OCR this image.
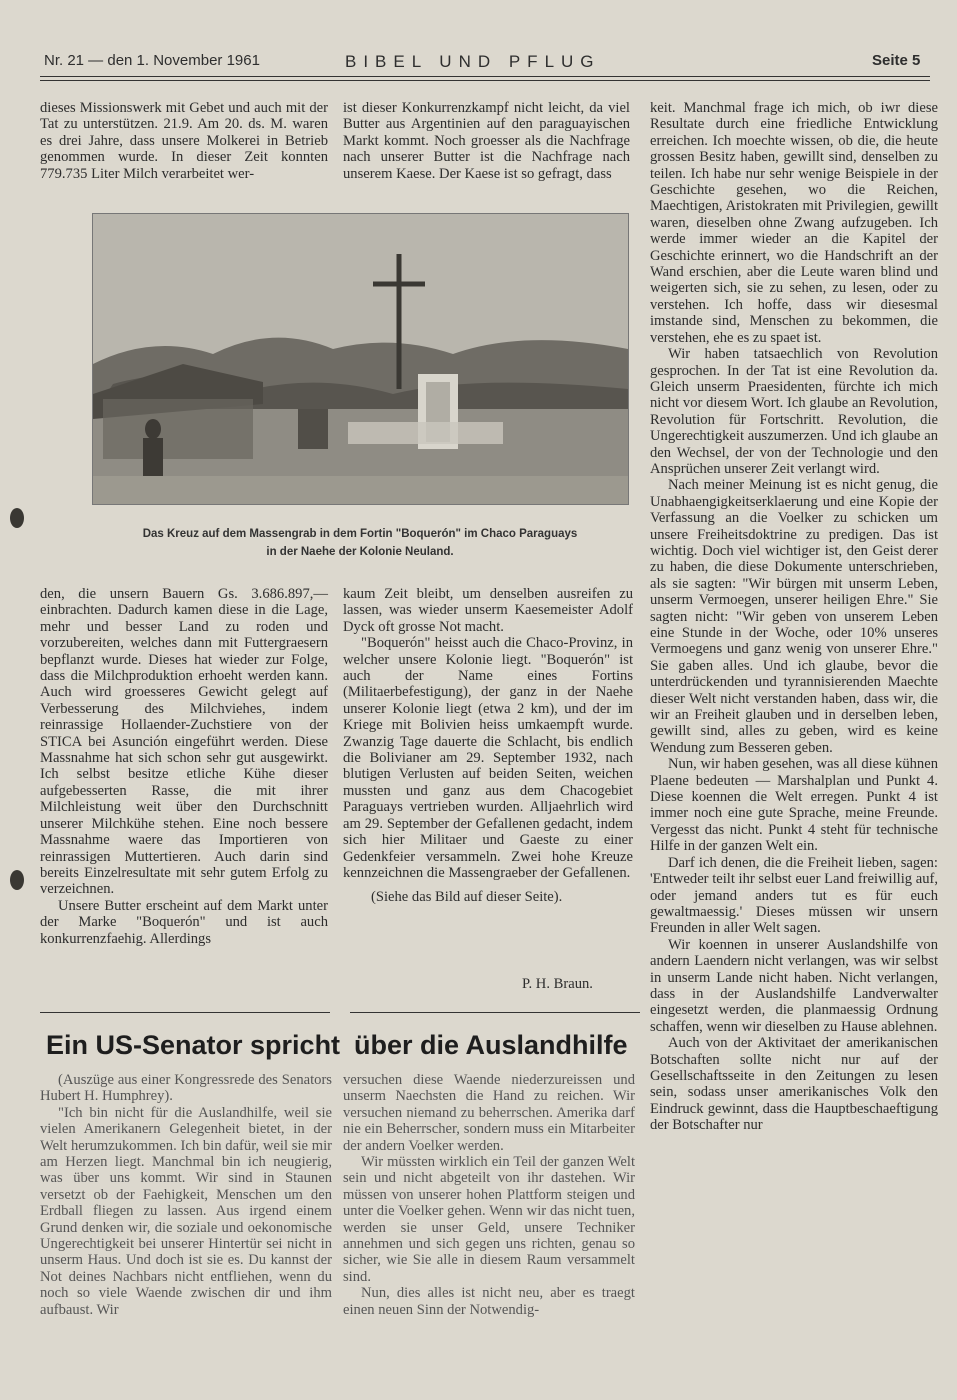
Nr. 21 — den 1. November 1961	BIBEL UND PFLUG	Seite 5

dieses Missionswerk mit Gebet und auch mit der Tat zu unterstützen. 21.9. Am 20. ds. M. waren es drei Jahre, dass unsere Molkerei in Betrieb genommen wurde. In dieser Zeit konnten 779.735 Liter Milch verarbeitet wer-

ist dieser Konkurrenzkampf nicht leicht, da viel Butter aus Argentinien auf den paraguayischen Markt kommt. Noch groesser als die Nachfrage nach unserer Butter ist die Nachfrage nach unserem Kaese. Der Kaese ist so gefragt, dass

Das Kreuz auf dem Massengrab in dem Fortin "Boquerón" im Chaco Paraguays
in der Naehe der Kolonie Neuland.

den, die unsern Bauern Gs. 3.686.897,— einbrachten. Dadurch kamen diese in die Lage, mehr und besser Land zu roden und vorzubereiten, welches dann mit Futtergraesern bepflanzt wurde. Dieses hat wieder zur Folge, dass die Milchproduktion erhoeht werden kann. Auch wird groesseres Gewicht gelegt auf Verbesserung des Milchviehes, indem reinrassige Hollaender-Zuchstiere von der STICA bei Asunción eingeführt werden. Diese Massnahme hat sich schon sehr gut ausgewirkt. Ich selbst besitze etliche Kühe dieser aufgebesserten Rasse, die mit ihrer Milchleistung weit über den Durchschnitt unserer Milchkühe stehen. Eine noch bessere Massnahme waere das Importieren von reinrassigen Muttertieren. Auch darin sind bereits Einzelresultate mit sehr gutem Erfolg zu verzeichnen.

Unsere Butter erscheint auf dem Markt unter der Marke "Boquerón" und ist auch konkurrenzfaehig. Allerdings

kaum Zeit bleibt, um denselben ausreifen zu lassen, was wieder unserm Kaesemeister Adolf Dyck oft grosse Not macht.

"Boquerón" heisst auch die Chaco-Provinz, in welcher unsere Kolonie liegt. "Boquerón" ist auch der Name eines Fortins (Militaerbefestigung), der ganz in der Naehe unserer Kolonie liegt (etwa 2 km), und der im Kriege mit Bolivien heiss umkaempft wurde. Zwanzig Tage dauerte die Schlacht, bis endlich die Bolivianer am 29. September 1932, nach blutigen Verlusten auf beiden Seiten, weichen mussten und ganz aus dem Chacogebiet Paraguays vertrieben wurden. Alljaehrlich wird am 29. September der Gefallenen gedacht, indem sich hier Militaer und Gaeste zu einer Gedenkfeier versammeln. Zwei hohe Kreuze kennzeichnen die Massengraeber der Gefallenen.

(Siehe das Bild auf dieser Seite).

P. H. Braun.

keit. Manchmal frage ich mich, ob iwr diese Resultate durch eine friedliche Entwicklung erreichen. Ich moechte wissen, ob die, die heute grossen Besitz haben, gewillt sind, denselben zu teilen. Ich habe nur sehr wenige Beispiele in der Geschichte gesehen, wo die Reichen, Maechtigen, Aristokraten mit Privilegien, gewillt waren, dieselben ohne Zwang aufzugeben. Ich werde immer wieder an die Kapitel der Geschichte erinnert, wo die Handschrift an der Wand erschien, aber die Leute waren blind und weigerten sich, sie zu sehen, zu lesen, oder zu verstehen. Ich hoffe, dass wir diesesmal imstande sind, Menschen zu bekommen, die verstehen, ehe es zu spaet ist.

Wir haben tatsaechlich von Revolution gesprochen. In der Tat ist eine Revolution da. Gleich unserm Praesidenten, fürchte ich mich nicht vor diesem Wort. Ich glaube an Revolution, Revolution für Fortschritt. Revolution, die Ungerechtigkeit auszumerzen. Und ich glaube an den Wechsel, der von der Technologie und den Ansprüchen unserer Zeit verlangt wird.

Nach meiner Meinung ist es nicht genug, die Unabhaengigkeitserklaerung und eine Kopie der Verfassung an die Voelker zu schicken um unsere Freiheitsdoktrine zu predigen. Das ist wichtig. Doch viel wichtiger ist, den Geist derer zu haben, die diese Dokumente unterschrieben, als sie sagten: "Wir bürgen mit unserm Leben, unserm Vermoegen, unserer heiligen Ehre." Sie sagten nicht: "Wir geben von unserem Leben eine Stunde in der Woche, oder 10% unseres Vermoegens und ganz wenig von unserer Ehre." Sie gaben alles. Und ich glaube, bevor die unterdrückenden und tyrannisierenden Maechte dieser Welt nicht verstanden haben, dass wir, die wir an Freiheit glauben und in derselben leben, gewillt sind, alles zu geben, wird es keine Wendung zum Besseren geben.

Nun, wir haben gesehen, was all diese kühnen Plaene bedeuten — Marshalplan und Punkt 4. Diese koennen die Welt erregen. Punkt 4 ist immer noch eine gute Sprache, meine Freunde. Vergesst das nicht. Punkt 4 steht für technische Hilfe in der ganzen Welt ein.

Darf ich denen, die die Freiheit lieben, sagen: 'Entweder teilt ihr selbst euer Land freiwillig auf, oder jemand anders tut es für euch gewaltmaessig.' Dieses müssen wir unsern Freunden in aller Welt sagen.

Wir koennen in unserer Auslandshilfe von andern Laendern nicht verlangen, was wir selbst in unserm Lande nicht haben. Nicht verlangen, dass in der Auslandshilfe Landverwalter eingesetzt werden, die planmaessig Ordnung schaffen, wenn wir dieselben zu Hause ablehnen.

Auch von der Aktivitaet der amerikanischen Botschaften sollte nicht nur auf der Gesellschaftsseite in den Zeitungen zu lesen sein, sodass unser amerikanisches Volk den Eindruck gewinnt, dass die Hauptbeschaeftigung der Botschafter nur

Ein US-Senator spricht über die Auslandhilfe

(Auszüge aus einer Kongressrede des Senators Hubert H. Humphrey).

"Ich bin nicht für die Auslandhilfe, weil sie vielen Amerikanern Gelegenheit bietet, in der Welt herumzukommen. Ich bin dafür, weil sie mir am Herzen liegt. Manchmal bin ich neugierig, was über uns kommt. Wir sind in Staunen versetzt ob der Faehigkeit, Menschen um den Erdball fliegen zu lassen. Aus irgend einem Grund denken wir, die soziale und oekonomische Ungerechtigkeit bei unserer Hintertür sei nicht in unserm Haus. Und doch ist sie es. Du kannst der Not deines Nachbars nicht entfliehen, wenn du noch so viele Waende zwischen dir und ihm aufbaust. Wir

versuchen diese Waende niederzureissen und unserm Naechsten die Hand zu reichen. Wir versuchen niemand zu beherrschen. Amerika darf nie ein Beherrscher, sondern muss ein Mitarbeiter der andern Voelker werden.

Wir müssten wirklich ein Teil der ganzen Welt sein und nicht abgeteilt von ihr dastehen. Wir müssen von unserer hohen Plattform steigen und unter die Voelker gehen. Wenn wir das nicht tuen, werden sie unser Geld, unsere Techniker annehmen und sich gegen uns richten, genau so sicher, wie Sie alle in diesem Raum versammelt sind.

Nun, dies alles ist nicht neu, aber es traegt einen neuen Sinn der Notwendig-
